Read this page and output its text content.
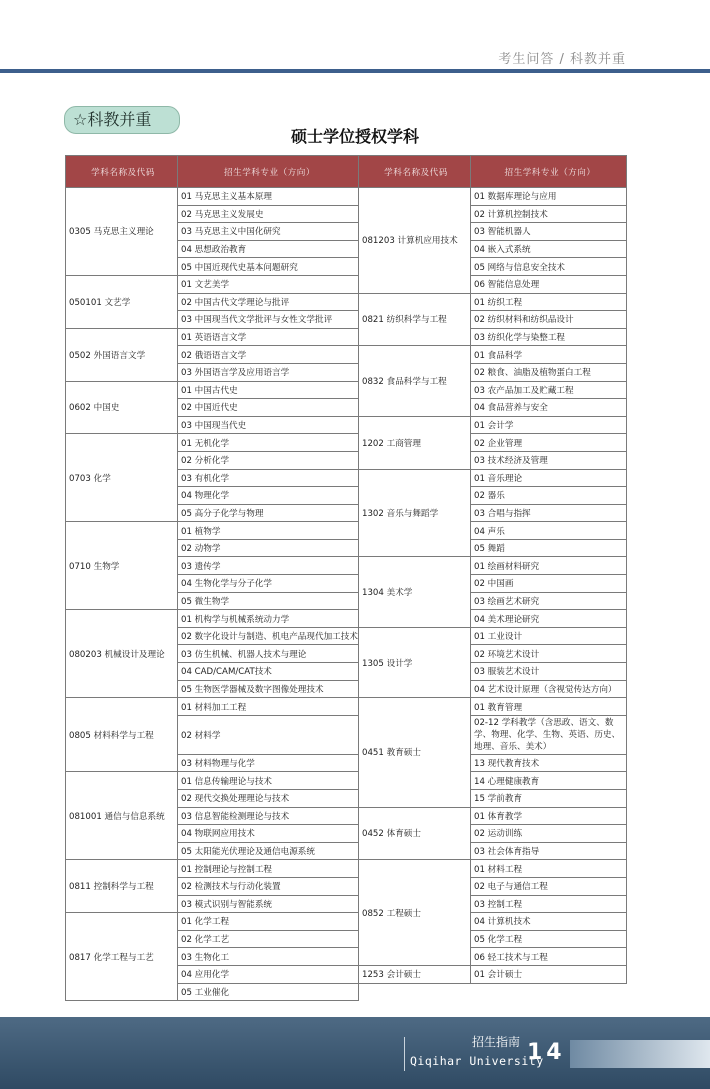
考生问答 / 科教并重
☆科教并重
硕士学位授权学科
学科名称及代码	招生学科专业（方向）	学科名称及代码	招生学科专业（方向）
0305 马克思主义理论	01 马克思主义基本原理	081203 计算机应用技术	01 数据库理论与应用
	02 马克思主义发展史		02 计算机控制技术
	03 马克思主义中国化研究		03 智能机器人
	04 思想政治教育		04 嵌入式系统
	05 中国近现代史基本问题研究		05 网络与信息安全技术
050101 文艺学	01 文艺美学		06 智能信息处理
	02 中国古代文学理论与批评	0821 纺织科学与工程	01 纺织工程
	03 中国现当代文学批评与女性文学批评		02 纺织材料和纺织品设计
0502 外国语言文学	01 英语语言文学		03 纺织化学与染整工程
	02 俄语语言文学	0832 食品科学与工程	01 食品科学
	03 外国语言学及应用语言学		02 粮食、油脂及植物蛋白工程
0602 中国史	01 中国古代史		03 农产品加工及贮藏工程
	02 中国近代史		04 食品营养与安全
	03 中国现当代史	1202 工商管理	01 会计学
0703 化学	01 无机化学		02 企业管理
	02 分析化学		03 技术经济及管理
	03 有机化学	1302 音乐与舞蹈学	01 音乐理论
	04 物理化学		02 器乐
	05 高分子化学与物理		03 合唱与指挥
0710 生物学	01 植物学		04 声乐
	02 动物学		05 舞蹈
	03 遗传学	1304 美术学	01 绘画材料研究
	04 生物化学与分子化学		02 中国画
	05 微生物学		03 绘画艺术研究
080203 机械设计及理论	01 机构学与机械系统动力学		04 美术理论研究
	02 数字化设计与制造、机电产品现代加工技术	1305 设计学	01 工业设计
	03 仿生机械、机器人技术与理论		02 环境艺术设计
	04 CAD/CAM/CAT技术		03 服装艺术设计
	05 生物医学器械及数字图像处理技术		04 艺术设计原理（含视觉传达方向）
0805 材料科学与工程	01 材料加工工程	0451 教育硕士	01 教育管理
	02 材料学		02-12 学科教学（含思政、语文、数学、物理、化学、生物、英语、历史、地理、音乐、美术）
	03 材料物理与化学		13 现代教育技术
081001 通信与信息系统	01 信息传输理论与技术		14 心理健康教育
	02 现代交换处理理论与技术		15 学前教育
	03 信息智能检测理论与技术	0452 体育硕士	01 体育教学
	04 物联网应用技术		02 运动训练
	05 太阳能光伏理论及通信电源系统		03 社会体育指导
0811 控制科学与工程	01 控制理论与控制工程	0852 工程硕士	01 材料工程
	02 检测技术与行动化装置		02 电子与通信工程
	03 模式识别与智能系统		03 控制工程
0817 化学工程与工艺	01 化学工程		04 计算机技术
	02 化学工艺		05 化学工程
	03 生物化工		06 轻工技术与工程
	04 应用化学	1253 会计硕士	01 会计硕士
	05 工业催化		
招生指南
Qiqihar University
14
